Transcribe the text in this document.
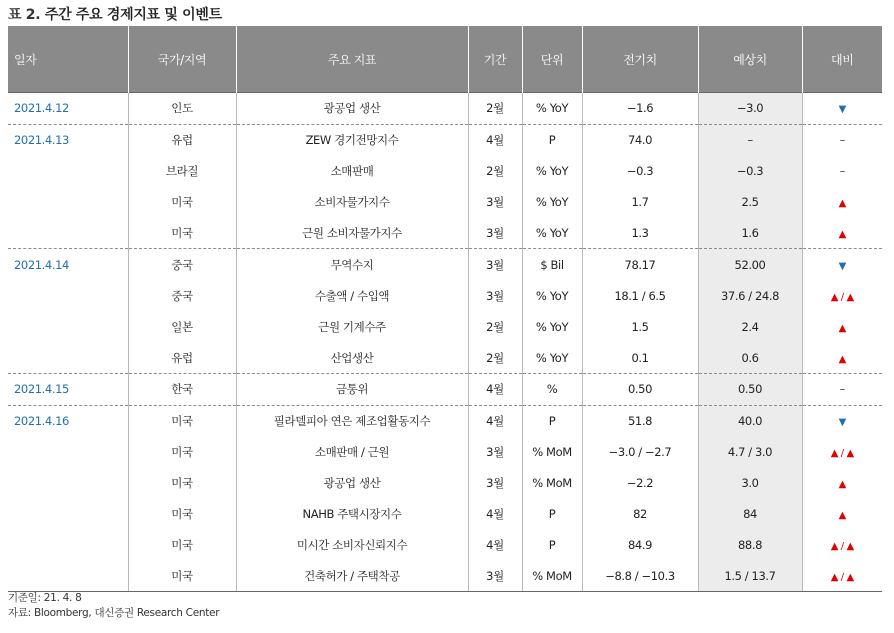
표 2. 주간 주요 경제지표 및 이벤트
일자	국가/지역	주요 지표	기간	단위	전기치	예상치	대비
2021.4.12	인도	광공업 생산	2월	% YoY	−1.6	−3.0	▼
2021.4.13	유럽	ZEW 경기전망지수	4월	P	74.0	–	–
	브라질	소매판매	2월	% YoY	−0.3	−0.3	–
	미국	소비자물가지수	3월	% YoY	1.7	2.5	▲
	미국	근원 소비자물가지수	3월	% YoY	1.3	1.6	▲
2021.4.14	중국	무역수지	3월	$ Bil	78.17	52.00	▼
	중국	수출액 / 수입액	3월	% YoY	18.1 / 6.5	37.6 / 24.8	▲ / ▲
	일본	근원 기계수주	2월	% YoY	1.5	2.4	▲
	유럽	산업생산	2월	% YoY	0.1	0.6	▲
2021.4.15	한국	금통위	4월	%	0.50	0.50	–
2021.4.16	미국	필라델피아 연은 제조업활동지수	4월	P	51.8	40.0	▼
	미국	소매판매 / 근원	3월	% MoM	−3.0 / −2.7	4.7 / 3.0	▲ / ▲
	미국	광공업 생산	3월	% MoM	−2.2	3.0	▲
	미국	NAHB 주택시장지수	4월	P	82	84	▲
	미국	미시간 소비자신뢰지수	4월	P	84.9	88.8	▲ / ▲
	미국	건축허가 / 주택착공	3월	% MoM	−8.8 / −10.3	1.5 / 13.7	▲ / ▲
기준일: 21. 4. 8
자료: Bloomberg, 대신증권 Research Center
